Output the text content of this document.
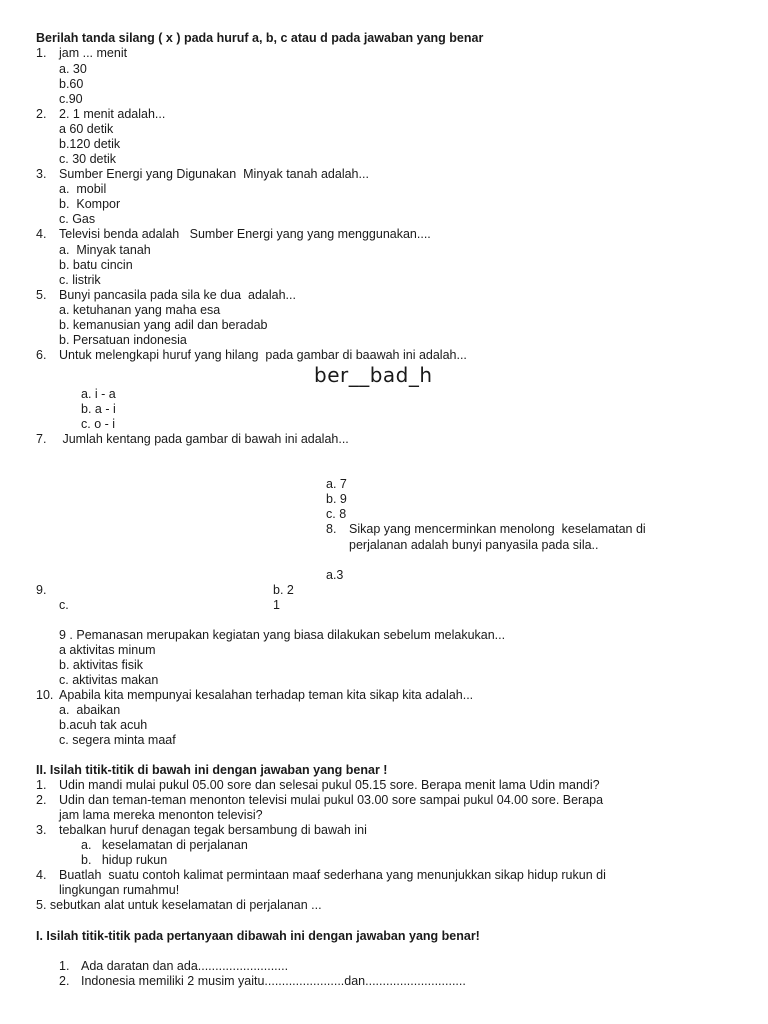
Berilah tanda silang ( x ) pada huruf a, b, c atau d pada jawaban yang benar
1. jam ... menit
a. 30
b.60
c.90
2. 2. 1 menit adalah...
a 60 detik
b.120 detik
c. 30 detik
3. Sumber Energi yang Digunakan  Minyak tanah adalah...
a.  mobil
b.  Kompor
c. Gas
4. Televisi benda adalah   Sumber Energi yang yang menggunakan....
a.  Minyak tanah
b. batu cincin
c. listrik
5. Bunyi pancasila pada sila ke dua  adalah...
a. ketuhanan yang maha esa
b. kemanusian yang adil dan beradab
b. Persatuan indonesia
6. Untuk melengkapi huruf yang hilang  pada gambar di baawah ini adalah...
ber__bad_h
a. i - a
b. a - i
c. o - i
7. Jumlah kentang pada gambar di bawah ini adalah...
a. 7
b. 9
c. 8
8. Sikap yang mencerminkan menolong  keselamatan di
perjalanan adalah bunyi panyasila pada sila..
a.3
9.	b. 2
c.	1
9 . Pemanasan merupakan kegiatan yang biasa dilakukan sebelum melakukan...
a aktivitas minum
b. aktivitas fisik
c. aktivitas makan
10. Apabila kita mempunyai kesalahan terhadap teman kita sikap kita adalah...
a.  abaikan
b.acuh tak acuh
c. segera minta maaf
II. Isilah titik-titik di bawah ini dengan jawaban yang benar !
1. Udin mandi mulai pukul 05.00 sore dan selesai pukul 05.15 sore. Berapa menit lama Udin mandi?
2. Udin dan teman-teman menonton televisi mulai pukul 03.00 sore sampai pukul 04.00 sore. Berapa
jam lama mereka menonton televisi?
3. tebalkan huruf denagan tegak bersambung di bawah ini
a.   keselamatan di perjalanan
b.   hidup rukun
4. Buatlah  suatu contoh kalimat permintaan maaf sederhana yang menunjukkan sikap hidup rukun di
lingkungan rumahmu!
5. sebutkan alat untuk keselamatan di perjalanan ...
I. Isilah titik-titik pada pertanyaan dibawah ini dengan jawaban yang benar!
1. Ada daratan dan ada..........................
2. Indonesia memiliki 2 musim yaitu.......................dan.............................
